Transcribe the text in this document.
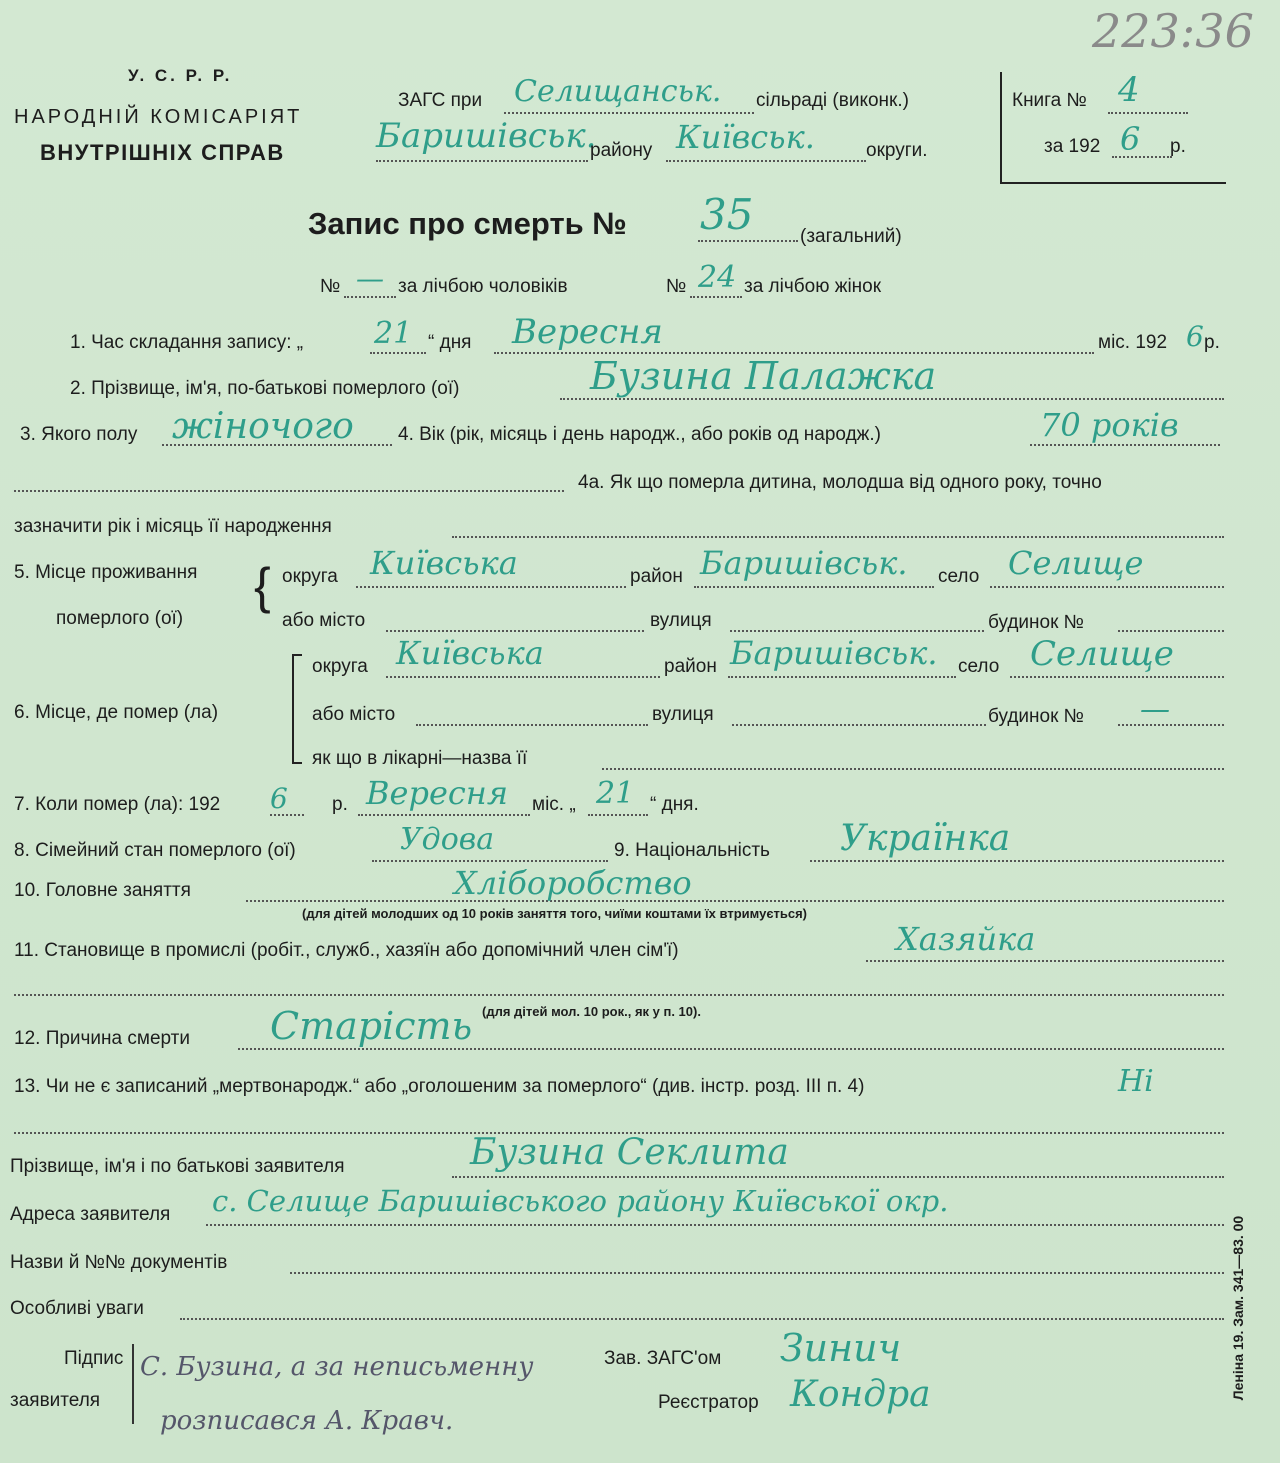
223:36
У. С. Р. Р.
НАРОДНІЙ КОМІСАРІЯТ
ВНУТРІШНІХ СПРАВ
ЗАГС при Селищанськ. сільраді (виконк.)
Баришівськ.
району Київськ.	округи.
Книга № 4
за 192 6 р.
Запис про смерть № 35 (загальний)
№ — за лічбою чоловіків	№ 24 за лічбою жінок
1. Час складання запису: „ 21 “ дня Вересня	міс. 192 6 р.
2. Прізвище, ім'я, по-батькові померлого (ої)	Бузина Палажка
3. Якого полу жіночого 4. Вік (рік, місяць і день народж., або років од народж.)	70 років
4а. Як що померла дитина, молодша від одного року, точно
зазначити рік і місяць її народження
5. Місце проживання
померлого (ої)
{ округа Київська	район Баришівськ. село Селище
або місто	вулиця	будинок №
6. Місце, де помер (ла)
округа Київська	район Баришівськ. село Селище
або місто	вулиця	будинок № —
як що в лікарні—назва її
7. Коли помер (ла): 192 6 р. Вересня міс. „ 21 “ дня.
8. Сімейний стан померлого (ої)	Удова	9. Національність Українка
10. Головне заняття	Хліборобство
(для дітей молодших од 10 років заняття того, чиїми коштами їх втримується)
11. Становище в промислі (робіт., служб., хазяїн або допомічний член сім'ї)	Хазяйка
(для дітей мол. 10 рок., як у п. 10).
12. Причина смерти Старість
13. Чи не є записаний „мертвонародж.“ або „оголошеним за померлого“ (див. інстр. розд. III п. 4)	Ні
Прізвище, ім'я і по батькові заявителя	Бузина Секлита
Адреса заявителя с. Селище Баришівського району Київської окр.
Назви й №№ документів
Особливі уваги
Підпис
заявителя
С. Бузина, а за неписьменну
розписався А. Кравч.
Зав. ЗАГС'ом Зинич
Реєстратор Кондра	Леніна 19. Зам. 341—83. 00
